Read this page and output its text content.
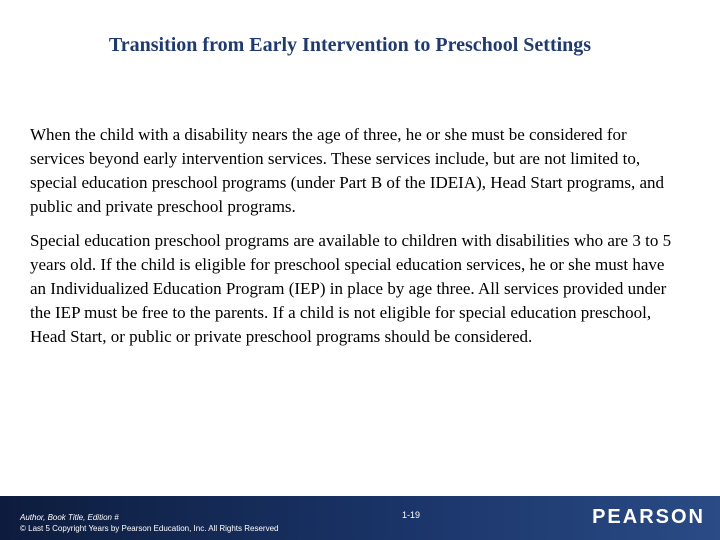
Transition from Early Intervention to Preschool Settings

When the child with a disability nears the age of three, he or she must be considered for services beyond early intervention services. These services include, but are not limited to, special education preschool programs (under Part B of the IDEIA), Head Start programs, and public and private preschool programs.

Special education preschool programs are available to children with disabilities who are 3 to 5 years old. If the child is eligible for preschool special education services, he or she must have an Individualized Education Program (IEP) in place by age three. All services provided under the IEP must be free to the parents. If a child is not eligible for special education preschool, Head Start, or public or private preschool programs should be considered.

Author, Book Title, Edition #
© Last 5 Copyright Years by Pearson Education, Inc. All Rights Reserved
1-19	PEARSON
